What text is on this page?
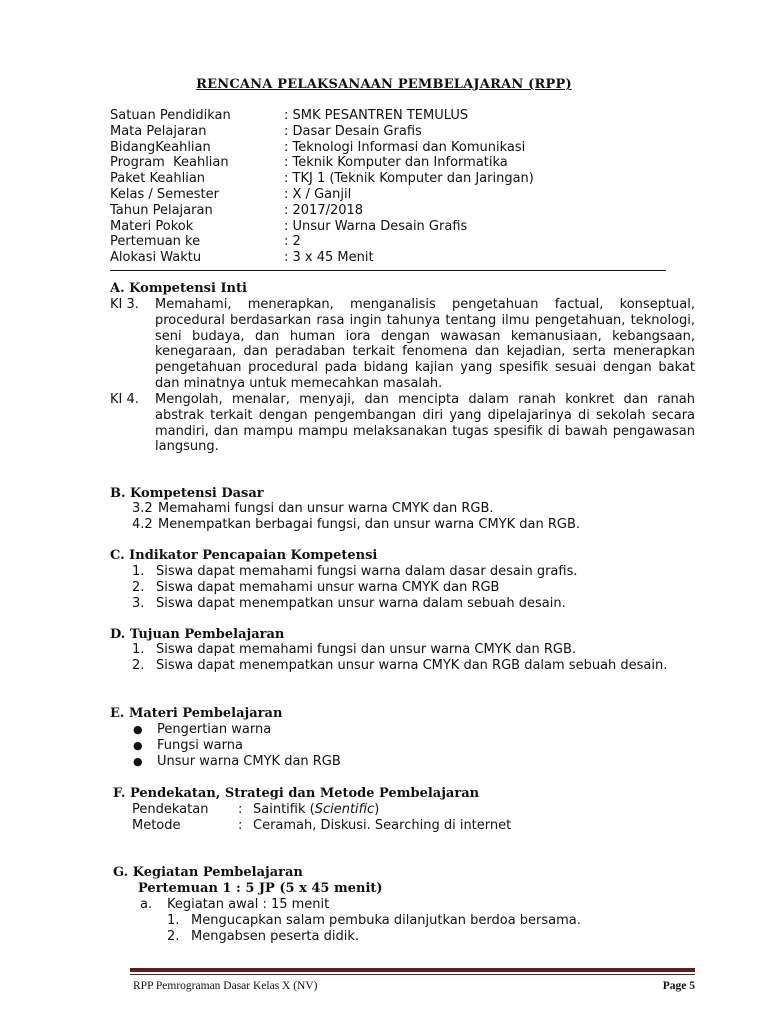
RENCANA PELAKSANAAN PEMBELAJARAN (RPP)
Satuan Pendidikan	: SMK PESANTREN TEMULUS
Mata Pelajaran	: Dasar Desain Grafis
BidangKeahlian	: Teknologi Informasi dan Komunikasi
Program  Keahlian	: Teknik Komputer dan Informatika
Paket Keahlian	: TKJ 1 (Teknik Komputer dan Jaringan)
Kelas / Semester	: X / Ganjil
Tahun Pelajaran	: 2017/2018
Materi Pokok	: Unsur Warna Desain Grafis
Pertemuan ke	: 2
Alokasi Waktu	: 3 x 45 Menit
A. Kompetensi Inti
KI 3. Memahami, menerapkan, menganalisis pengetahuan factual, konseptual, procedural berdasarkan rasa ingin tahunya tentang ilmu pengetahuan, teknologi, seni budaya, dan human iora dengan wawasan kemanusiaan, kebangsaan, kenegaraan, dan peradaban terkait fenomena dan kejadian, serta menerapkan pengetahuan procedural pada bidang kajian yang spesifik sesuai dengan bakat dan minatnya untuk memecahkan masalah.
KI 4. Mengolah, menalar, menyaji, dan mencipta dalam ranah konkret dan ranah abstrak terkait dengan pengembangan diri yang dipelajarinya di sekolah secara mandiri, dan mampu mampu melaksanakan tugas spesifik di bawah pengawasan langsung.
B. Kompetensi Dasar
3.2 Memahami fungsi dan unsur warna CMYK dan RGB.
4.2 Menempatkan berbagai fungsi, dan unsur warna CMYK dan RGB.
C. Indikator Pencapaian Kompetensi
1. Siswa dapat memahami fungsi warna dalam dasar desain grafis.
2. Siswa dapat memahami unsur warna CMYK dan RGB
3. Siswa dapat menempatkan unsur warna dalam sebuah desain.
D. Tujuan Pembelajaran
1. Siswa dapat memahami fungsi dan unsur warna CMYK dan RGB.
2. Siswa dapat menempatkan unsur warna CMYK dan RGB dalam sebuah desain.
E. Materi Pembelajaran
●	Pengertian warna
●	Fungsi warna
●	Unsur warna CMYK dan RGB
F. Pendekatan, Strategi dan Metode Pembelajaran
Pendekatan	: Saintifik ( Scientific )
Metode	: Ceramah, Diskusi. Searching di internet
G. Kegiatan Pembelajaran
Pertemuan 1 : 5 JP (5 x 45 menit)
a.	Kegiatan awal : 15 menit
1. Mengucapkan salam pembuka dilanjutkan berdoa bersama.
2. Mengabsen peserta didik.
RPP Pemrograman Dasar Kelas X (NV)	Page 5
